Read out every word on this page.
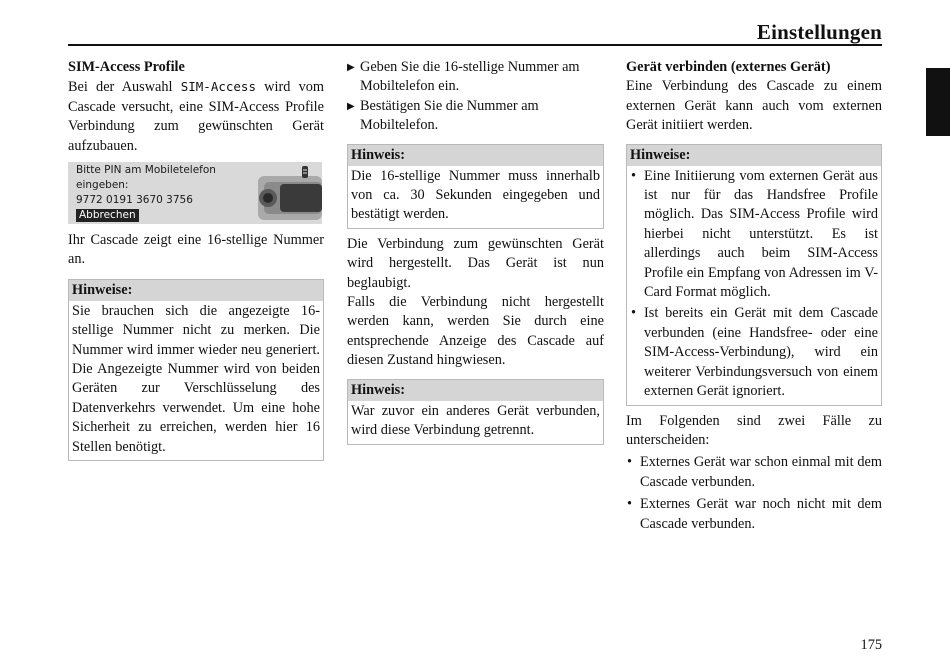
Einstellungen

SIM-Access Profile

Bei der Auswahl SIM-Access wird vom Cascade versucht, eine SIM-Access Profile Verbindung zum gewünschten Gerät aufzubauen.

Bitte PIN am Mobiletelefon
eingeben:
9772 0191 3670 3756
Abbrechen

Ihr Cascade zeigt eine 16-stellige Nummer an.

Hinweise:
Sie brauchen sich die angezeigte 16-stellige Nummer nicht zu merken. Die Nummer wird immer wieder neu generiert. Die Angezeigte Nummer wird von beiden Geräten zur Verschlüsselung des Datenverkehrs verwendet. Um eine hohe Sicherheit zu erreichen, werden hier 16 Stellen benötigt.
▶ Geben Sie die 16-stellige Nummer am Mobiltelefon ein.
▶ Bestätigen Sie die Nummer am Mobiltelefon.
Hinweis:
Die 16-stellige Nummer muss innerhalb von ca. 30 Sekunden eingegeben und bestätigt werden.

Die Verbindung zum gewünschten Gerät wird hergestellt. Das Gerät ist nun beglaubigt.

Falls die Verbindung nicht hergestellt werden kann, werden Sie durch eine entsprechende Anzeige des Cascade auf diesen Zustand hingwiesen.

Hinweis:
War zuvor ein anderes Gerät verbunden, wird diese Verbindung getrennt.

Gerät verbinden (externes Gerät)

Eine Verbindung des Cascade zu einem externen Gerät kann auch vom externen Gerät initiiert werden.

Hinweise:
• Eine Initiierung vom externen Gerät aus ist nur für das Handsfree Profile möglich. Das SIM-Access Profile wird hierbei nicht unterstützt. Es ist allerdings auch beim SIM-Access Profile ein Empfang von Adressen im V-Card Format möglich.
• Ist bereits ein Gerät mit dem Cascade verbunden (eine Handsfree- oder eine SIM-Access-Verbindung), wird ein weiterer Verbindungsversuch von einem externen Gerät ignoriert.

Im Folgenden sind zwei Fälle zu unterscheiden:

• Externes Gerät war schon einmal mit dem Cascade verbunden.
• Externes Gerät war noch nicht mit dem Cascade verbunden.
175
